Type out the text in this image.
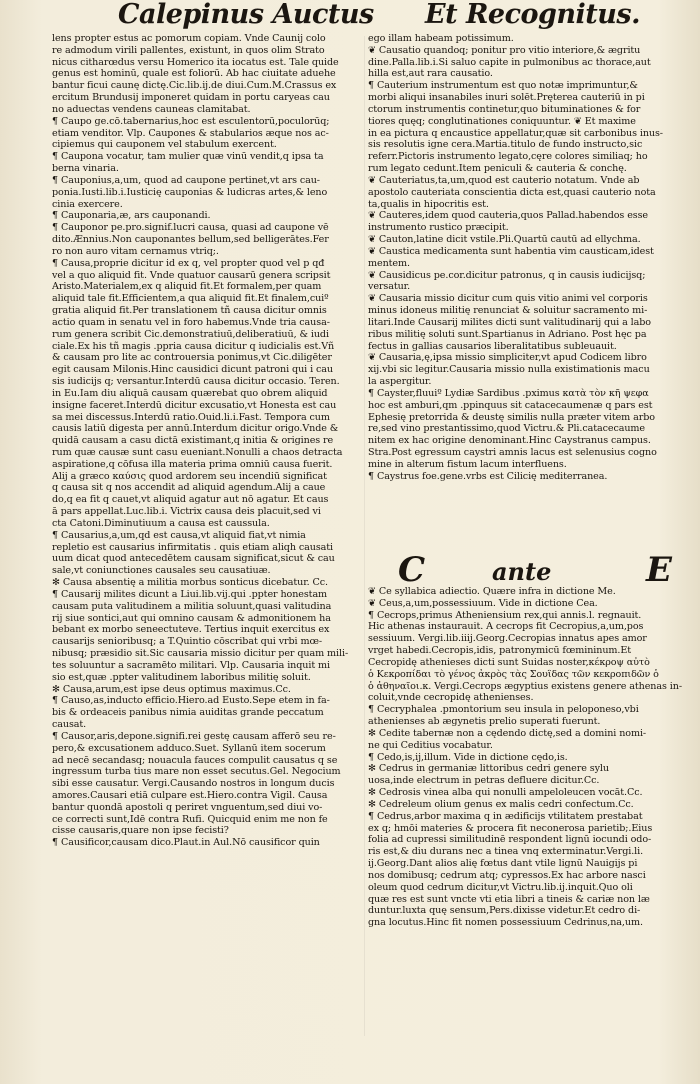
Calepinus Auctus Et Recognitus.
lens propter estus ac pomorum copiam. Vnde Caunij colo
re admodum virili pallentes, existunt, in quos olim Strato
nicus citharœdus versu Homerico ita iocatus est. Tale quide
genus est hominū, quale est foliorū. Ab hac ciuitate aduehe
bantur ficui caunę dictę.Cic.lib.ij.de diui.Cum.M.Crassus ex
ercitum Brundusij imponeret quidam in portu caryeas cau
no aduectas vendens cauneas clamitabat.
¶ Caupo ge.cō.tabernarius,hoc est esculentorū,poculorūq;
etiam venditor. Vlp. Caupones & stabularios æque nos ac-
cipiemus qui cauponem vel stabulum exercent.
¶ Caupona vocatur, tam mulier quæ vinū vendit,q ipsa ta
berna vinaria.
¶ Cauponius,a,um, quod ad caupone pertinet,vt ars cau-
ponia.Iusti.lib.i.Iusticię cauponias & ludicras artes,& leno
cinia exercere.
¶ Cauponaria,æ, ars cauponandi.
¶ Cauponor pe.pro.signif.lucri causa, quasi ad caupone vē
dito.Ænnius.Non cauponantes bellum,sed belligerātes.Fer
ro non auro vitam cernamus vtriq;.
¶ Causa,proprie dicitur id ex q, vel propter quod vel p qđ
vel a quo aliquid fit. Vnde quatuor causarū genera scripsit
Aristo.Materialem,ex q aliquid fit.Et formalem,per quam
aliquid tale fit.Efficientem,a qua aliquid fit.Et finalem,cuiº
gratia aliquid fit.Per translationem tñ causa dicitur omnis
actio quam in senatu vel in foro habemus.Vnde tria causa-
rum genera scribit Cic.demonstratiuū,deliberatiuū, & iudi
ciale.Ex his tñ magis .ppria causa dicitur q iudicialis est.Vñ
& causam pro lite ac controuersia ponimus,vt Cic.diligēter
egit causam Milonis.Hinc causidici dicunt patroni qui i cau
sis iudicijs q; versantur.Interdū causa dicitur occasio. Teren.
in Eu.Iam diu aliquā causam quærebat quo obrem aliquid
insigne faceret.Interdū dicitur excusatio,vt Honesta est cau
sa mei discessus.Interdū ratio.Ouid.li.i.Fast. Tempora cum
causis latiū digesta per annū.Interdum dicitur origo.Vnde &
quidā causam a casu dictā existimant,q initia & origines re
rum quæ causæ sunt casu eueniant.Nonulli a chaos detracta
aspiratione,q cōfusa illa materia prima omniū causa fuerit.
Alij a græco καύσις quod ardorem seu incendiū significat
q causa sit q nos accendit ad aliquid agendum.Alij a caue
do,q ea fit q cauet,vt aliquid agatur aut nō agatur. Et caus
ā pars appellat.Luc.lib.i. Victrix causa deis placuit,sed vi
cta Catoni.Diminutiuum a causa est caussula.
¶ Causarius,a,um,qd est causa,vt aliquid fiat,vt nimia
repletio est causarius infirmitatis . quis etiam aliqh causati
uum dicat quod antecedētem causam significat,sicut & cau
sale,vt coniunctiones causales seu causatiuæ.
✻ Causa absentię a militia morbus sonticus dicebatur. Cc.
¶ Causarij milites dicunt a Liui.lib.vij.qui .ppter honestam
causam puta valitudinem a militia soluunt,quasi valitudina
rij siue sontici,aut qui omnino causam & admonitionem ha
bebant ex morbo seneectuteve. Tertius inquit exercitus ex
causarijs senioribusq; a T.Quintio cōscribat qui vrbi mœ-
nibusq; præsidio sit.Sic causaria missio dicitur per quam mili-
tes soluuntur a sacramēto militari. Vlp. Causaria inquit mi
sio est,quæ .ppter valitudinem laboribus militię soluit.
✻ Causa,arum,est ipse deus optimus maximus.Cc.
¶ Causo,as,inducto efficio.Hiero.ad Eusto.Sepe etem in fa-
bis & ordeaceis panibus nimia auiditas grande peccatum
causat.
¶ Causor,aris,depone.signifi.rei gestę causam afferō seu re-
pero,& excusationem adduco.Suet. Syllanū item socerum
ad necē secandasq; nouacula fauces compulit causatus q se
ingressum turba tius mare non esset secutus.Gel. Negocium
sibi esse causatur. Vergi.Causando nostros in longum ducis
amores.Causari etiā culpare est.Hiero.contra Vigil. Causa
bantur quondā apostoli q periret vnguentum,sed diui vo-
ce correcti sunt,Idē contra Rufi. Quicquid enim me non fe
cisse causaris,quare non ipse fecisti?
¶ Causificor,causam dico.Plaut.in Aul.Nō causificor quin
ego illam habeam potissimum.
❦ Causatio quandoq; ponitur pro vitio interiore,& ægritu
dine.Palla.lib.i.Si saluo capite in pulmonibus ac thorace,aut
hilla est,aut rara causatio.
¶ Cauterium instrumentum est quo notæ imprimuntur,&
morbi aliqui insanabiles inuri solēt.Pręterea cauteriū in pi
ctorum instrumentis continetur,quo bituminationes & for
tiores quęq; conglutinationes coniquuntur. ❦ Et maxime
in ea pictura q encaustice appellatur,quæ sit carbonibus inus-
sis resolutis igne cera.Martia.titulo de fundo instructo,sic
referr.Pictoris instrumento legato,cęre colores similiaq; ho
rum legato cedunt.Item peniculi & cauteria & conchę.
❦ Cauteriatus,ta,um,quod est cauterio notatum. Vnde ab
apostolo cauteriata conscientia dicta est,quasi cauterio nota
ta,qualis in hipocritis est.
❦ Cauteres,idem quod cauteria,quos Pallad.habendos esse
instrumento rustico præcipit.
❦ Cauton,latine dicit vstile.Pli.Quartū cautū ad ellychma.
❦ Caustica medicamenta sunt habentia vim causticam,idest
mentem.
❦ Causidicus pe.cor.dicitur patronus, q in causis iudicijsq;
versatur.
❦ Causaria missio dicitur cum quis vitio animi vel corporis
minus idoneus militię renunciat & soluitur sacramento mi-
litari.Inde Causarij milites dicti sunt valitudinarij qui a labo
ribus militię soluti sunt.Spartianus in Adriano. Post hęc pa
fectus in gallias causarios liberalitatibus subleuauit.
❦ Causaria,ę,ipsa missio simpliciter,vt apud Codicem libro
xij.vbi sic legitur.Causaria missio nulla existimationis macu
la aspergitur.
¶ Cayster,fluuiº Lydiæ Sardibus .pximus κατὰ τὸν κῆ ψεφα
hoc est amburi,qm .ppinquus sit catacecaumenæ q pars est
Ephesię pretorrida & deustę similis nulla præter vitem arbo
re,sed vino prestantissimo,quod Victru.& Pli.catacecaume
nitem ex hac origine denominant.Hinc Caystranus campus.
Stra.Post egressum caystri amnis lacus est selenusius cogno
mine in alterum fistum lacum interfluens.
¶ Caystrus foe.gene.vrbs est Cilicię mediterranea.
C	ante	E
❦ Ce syllabica adiectio. Quære infra in dictione Me.
❦ Ceus,a,um,possessiuum. Vide in dictione Cea.
¶ Cecrops,primus Atheniensium rex,qui annis.l. regnauit.
Hic athenas instaurauit. A cecrops fit Cecropius,a,um,pos
sessiuum. Vergi.lib.iiij.Georg.Cecropias innatus apes amor
vrget habedi.Cecropis,idis, patronymicū fœmininum.Et
Cecropidę athenieses dicti sunt Suidas noster,κέκροψ αὐτὸ
ὁ Κεκροπίδαι τὸ γένος ἀκρὸς τὰς Σουΐδας τῶν κεκροπιδῶν ὁ
ὁ ἀθηναῖοι.κ. Vergi.Cecrops ægyptius existens genere athenas in-
coluit,vnde cecropidę athenienses.
¶ Cecryphalea .pmontorium seu insula in peloponeso,vbi
athenienses ab ægynetis prelio superati fuerunt.
✻ Cedite tabernæ non a cędendo dictę,sed a domini nomi-
ne qui Ceditius vocabatur.
¶ Cedo,is,ij,illum. Vide in dictione cędo,is.
✻ Cedrus in germaniæ littoribus cedri genere sylu
uosa,inde electrum in petras defluere dicitur.Cc.
✻ Cedrosis vinea alba qui nonulli ampeloleucen vocāt.Cc.
✻ Cedreleum olium genus ex malis cedri confectum.Cc.
¶ Cedrus,arbor maxima q in ædificijs vtilitatem prestabat
ex q; hmōi materies & procera fit neconerosa parietib;.Eius
folia ad cupressi similitudinē respondent lignū iocundi odo-
ris est,& diu durans nec a tinea vnq exterminatur.Vergi.li.
ij.Georg.Dant alios alię fœtus dant vtile lignū Nauigijs pi
nos domibusq; cedrum atq; cypressos.Ex hac arbore nasci
oleum quod cedrum dicitur,vt Victru.lib.ij.inquit.Quo oli
quæ res est sunt vncte vti etia libri a tineis & cariæ non læ
duntur.luxta quę sensum,Pers.dixisse videtur.Et cedro di-
gna locutus.Hinc fit nomen possessiuum Cedrinus,na,um.
